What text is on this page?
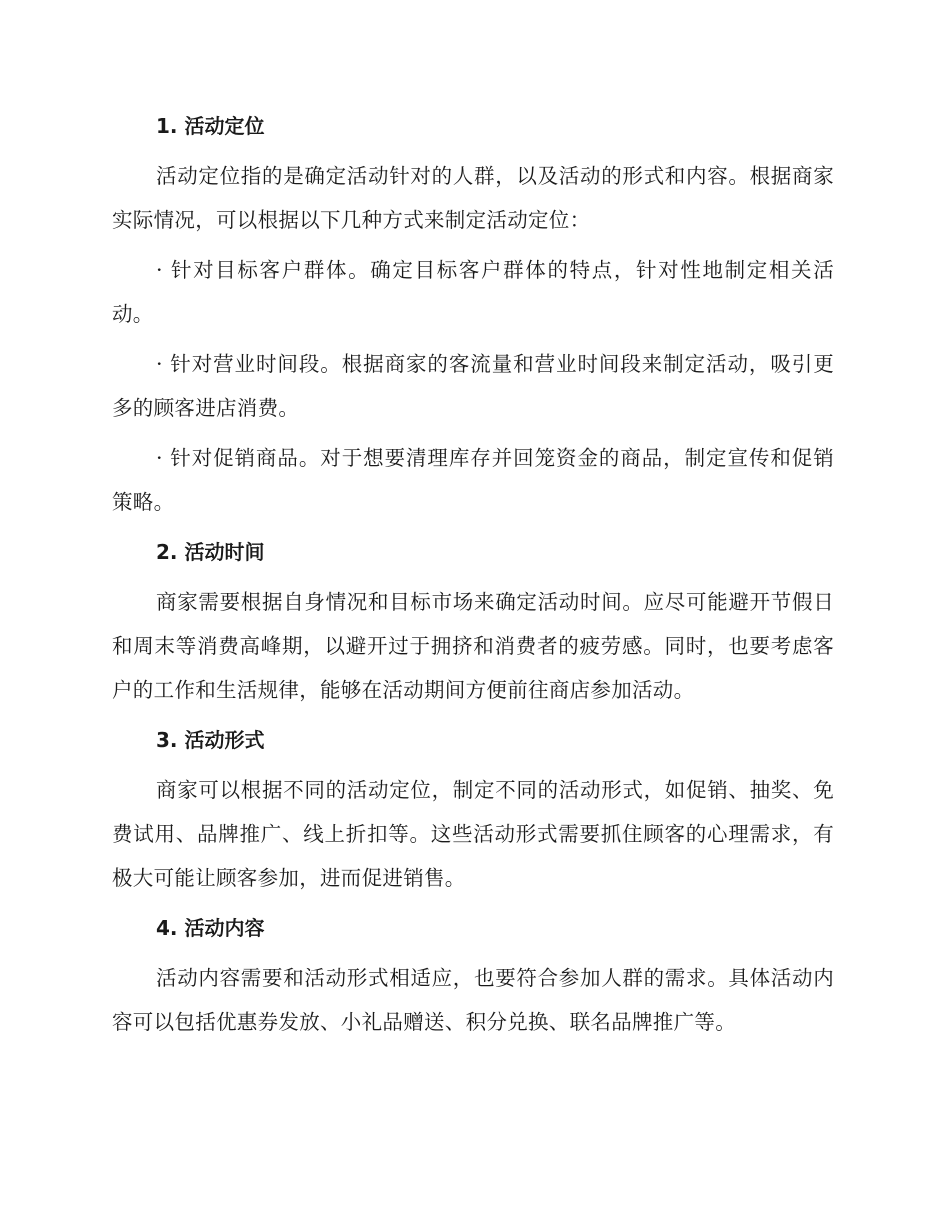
1. 活动定位

活动定位指的是确定活动针对的人群，以及活动的形式和内容。根据商家实际情况，可以根据以下几种方式来制定活动定位：

· 针对目标客户群体。确定目标客户群体的特点，针对性地制定相关活动。

· 针对营业时间段。根据商家的客流量和营业时间段来制定活动，吸引更多的顾客进店消费。

· 针对促销商品。对于想要清理库存并回笼资金的商品，制定宣传和促销策略。

2. 活动时间

商家需要根据自身情况和目标市场来确定活动时间。应尽可能避开节假日和周末等消费高峰期，以避开过于拥挤和消费者的疲劳感。同时，也要考虑客户的工作和生活规律，能够在活动期间方便前往商店参加活动。

3. 活动形式

商家可以根据不同的活动定位，制定不同的活动形式，如促销、抽奖、免费试用、品牌推广、线上折扣等。这些活动形式需要抓住顾客的心理需求，有极大可能让顾客参加，进而促进销售。

4. 活动内容

活动内容需要和活动形式相适应，也要符合参加人群的需求。具体活动内容可以包括优惠券发放、小礼品赠送、积分兑换、联名品牌推广等。
